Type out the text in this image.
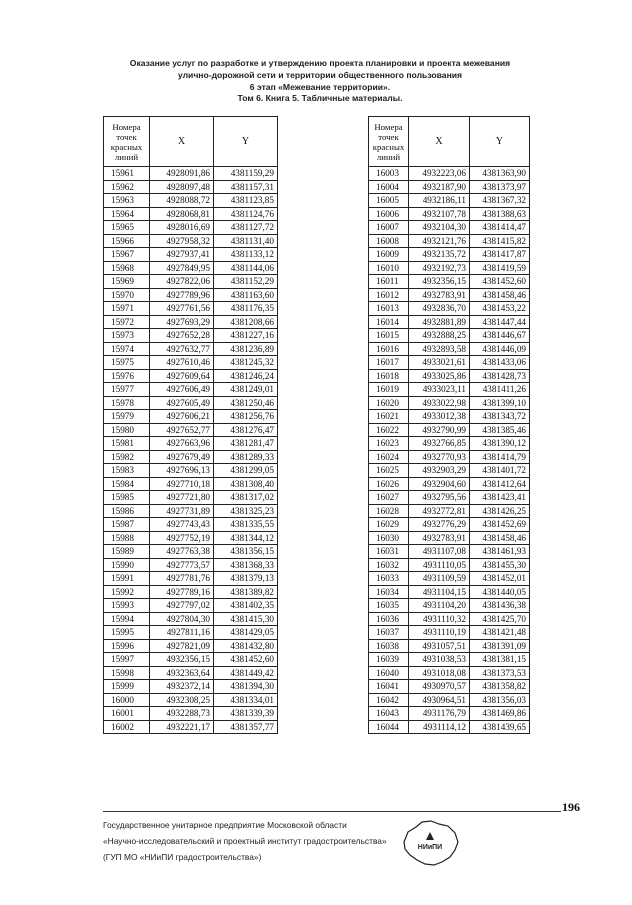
Оказание услуг по разработке и утверждению проекта планировки и проекта межевания
улично-дорожной сети и территории общественного пользования
6 этап «Межевание территории».
Том 6. Книга 5. Табличные материалы.
Номера
точек
красных
линий	X	Y
15961	4928091,86	4381159,29
15962	4928097,48	4381157,31
15963	4928088,72	4381123,85
15964	4928068,81	4381124,76
15965	4928016,69	4381127,72
15966	4927958,32	4381131,40
15967	4927937,41	4381133,12
15968	4927849,95	4381144,06
15969	4927822,06	4381152,29
15970	4927789,96	4381163,60
15971	4927761,56	4381176,35
15972	4927693,29	4381208,66
15973	4927652,28	4381227,16
15974	4927632,77	4381236,89
15975	4927610,46	4381245,32
15976	4927609,64	4381246,24
15977	4927606,49	4381249,01
15978	4927605,49	4381250,46
15979	4927606,21	4381256,76
15980	4927652,77	4381276,47
15981	4927663,96	4381281,47
15982	4927679,49	4381289,33
15983	4927696,13	4381299,05
15984	4927710,18	4381308,40
15985	4927721,80	4381317,02
15986	4927731,89	4381325,23
15987	4927743,43	4381335,55
15988	4927752,19	4381344,12
15989	4927763,38	4381356,15
15990	4927773,57	4381368,33
15991	4927781,76	4381379,13
15992	4927789,16	4381389,82
15993	4927797,02	4381402,35
15994	4927804,30	4381415,30
15995	4927811,16	4381429,05
15996	4927821,09	4381432,80
15997	4932356,15	4381452,60
15998	4932363,64	4381449,42
15999	4932372,14	4381394,30
16000	4932308,25	4381334,01
16001	4932288,73	4381339,39
16002	4932221,17	4381357,77
Номера
точек
красных
линий	X	Y
16003	4932223,06	4381363,90
16004	4932187,90	4381373,97
16005	4932186,11	4381367,32
16006	4932107,78	4381388,63
16007	4932104,30	4381414,47
16008	4932121,76	4381415,82
16009	4932135,72	4381417,87
16010	4932192,73	4381419,59
16011	4932356,15	4381452,60
16012	4932783,91	4381458,46
16013	4932836,70	4381453,22
16014	4932881,89	4381447,44
16015	4932888,25	4381446,67
16016	4932893,58	4381446,09
16017	4933021,61	4381433,06
16018	4933025,86	4381428,73
16019	4933023,11	4381411,26
16020	4933022,98	4381399,10
16021	4933012,38	4381343,72
16022	4932790,99	4381385,46
16023	4932766,85	4381390,12
16024	4932770,93	4381414,79
16025	4932903,29	4381401,72
16026	4932904,60	4381412,64
16027	4932795,56	4381423,41
16028	4932772,81	4381426,25
16029	4932776,29	4381452,69
16030	4932783,91	4381458,46
16031	4931107,08	4381461,93
16032	4931110,05	4381455,30
16033	4931109,59	4381452,01
16034	4931104,15	4381440,05
16035	4931104,20	4381436,38
16036	4931110,32	4381425,70
16037	4931110,19	4381421,48
16038	4931057,51	4381391,09
16039	4931038,53	4381381,15
16040	4931018,08	4381373,53
16041	4930970,57	4381358,82
16042	4930964,51	4381356,03
16043	4931176,79	4381469,86
16044	4931114,12	4381439,65
196
Государственное унитарное предприятие Московской области
«Научно-исследовательский и проектный институт градостроительства»
(ГУП МО «НИиПИ градостроительства»)
НИиПИ
